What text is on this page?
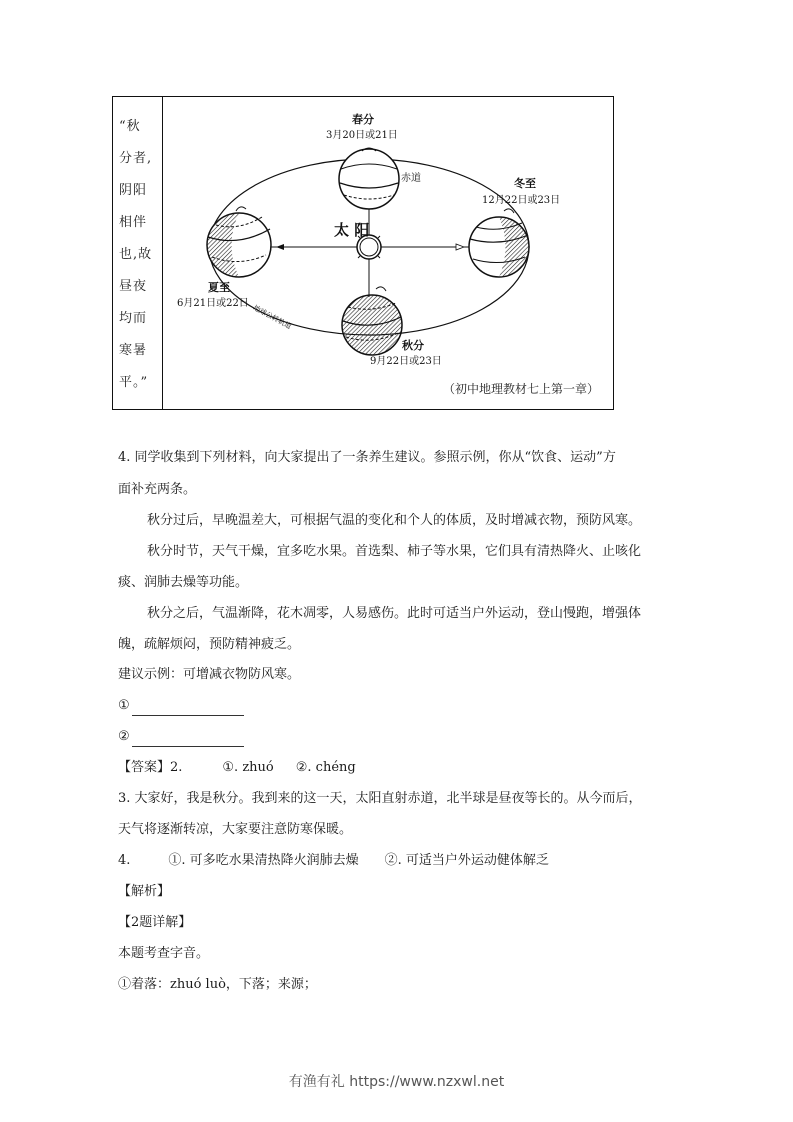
“秋
分者,
阴阳
相伴
也,故
昼夜
均而
寒暑
平。”
春分
3月20日或21日
赤道	冬至
12月22日或23日
太 阳
夏至
6月21日或22日
地球公转轨道
秋分
9月22日或23日
（初中地理教材七上第一章）
4. 同学收集到下列材料，向大家提出了一条养生建议。参照示例，你从“饮食、运动”方
面补充两条。
秋分过后，早晚温差大，可根据气温的变化和个人的体质，及时增减衣物，预防风寒。
秋分时节，天气干燥，宜多吃水果。首选梨、柿子等水果，它们具有清热降火、止咳化
痰、润肺去燥等功能。
秋分之后，气温渐降，花木凋零，人易感伤。此时可适当户外运动，登山慢跑，增强体
魄，疏解烦闷，预防精神疲乏。
建议示例：可增减衣物防风寒。
①
②
【答案】2.	①. zhuó ②. chéng
3. 大家好，我是秋分。我到来的这一天，太阳直射赤道，北半球是昼夜等长的。从今而后，
天气将逐渐转凉，大家要注意防寒保暖。
4.	①. 可多吃水果清热降火润肺去燥 ②. 可适当户外运动健体解乏
【解析】
【2题详解】
本题考查字音。
①着落：zhuó luò，下落；来源；
有渔有礼 https://www.nzxwl.net
